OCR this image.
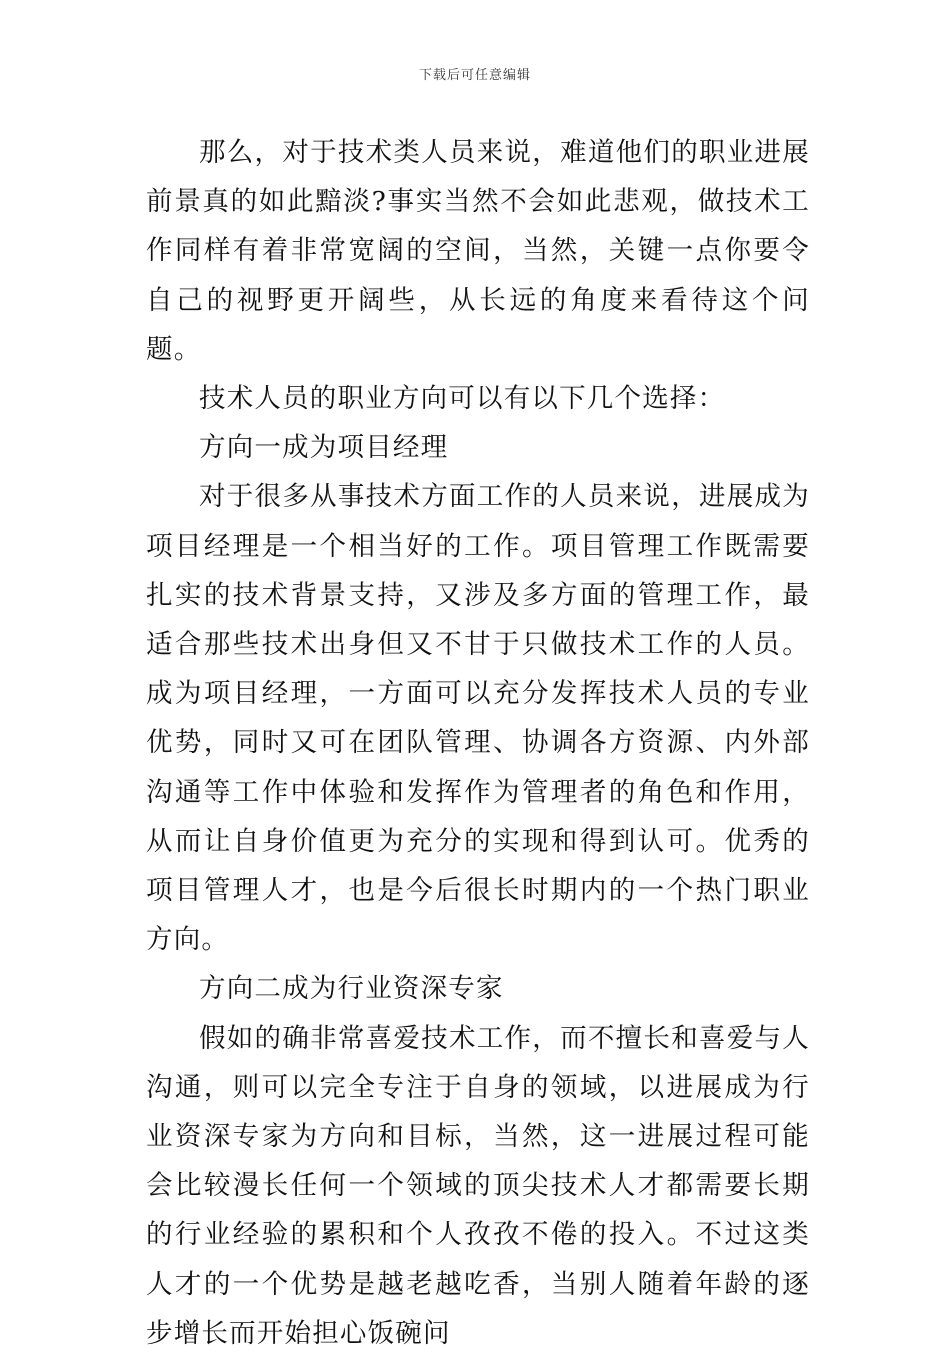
下载后可任意编辑

那么，对于技术类人员来说，难道他们的职业进展前景真的如此黯淡?事实当然不会如此悲观，做技术工作同样有着非常宽阔的空间，当然，关键一点你要令自己的视野更开阔些，从长远的角度来看待这个问题。

技术人员的职业方向可以有以下几个选择：

方向一成为项目经理

对于很多从事技术方面工作的人员来说，进展成为项目经理是一个相当好的工作。项目管理工作既需要扎实的技术背景支持，又涉及多方面的管理工作，最适合那些技术出身但又不甘于只做技术工作的人员。成为项目经理，一方面可以充分发挥技术人员的专业优势，同时又可在团队管理、协调各方资源、内外部沟通等工作中体验和发挥作为管理者的角色和作用，从而让自身价值更为充分的实现和得到认可。优秀的项目管理人才，也是今后很长时期内的一个热门职业方向。

方向二成为行业资深专家

假如的确非常喜爱技术工作，而不擅长和喜爱与人沟通，则可以完全专注于自身的领域，以进展成为行业资深专家为方向和目标，当然，这一进展过程可能会比较漫长任何一个领域的顶尖技术人才都需要长期的行业经验的累积和个人孜孜不倦的投入。不过这类人才的一个优势是越老越吃香，当别人随着年龄的逐步增长而开始担心饭碗问
